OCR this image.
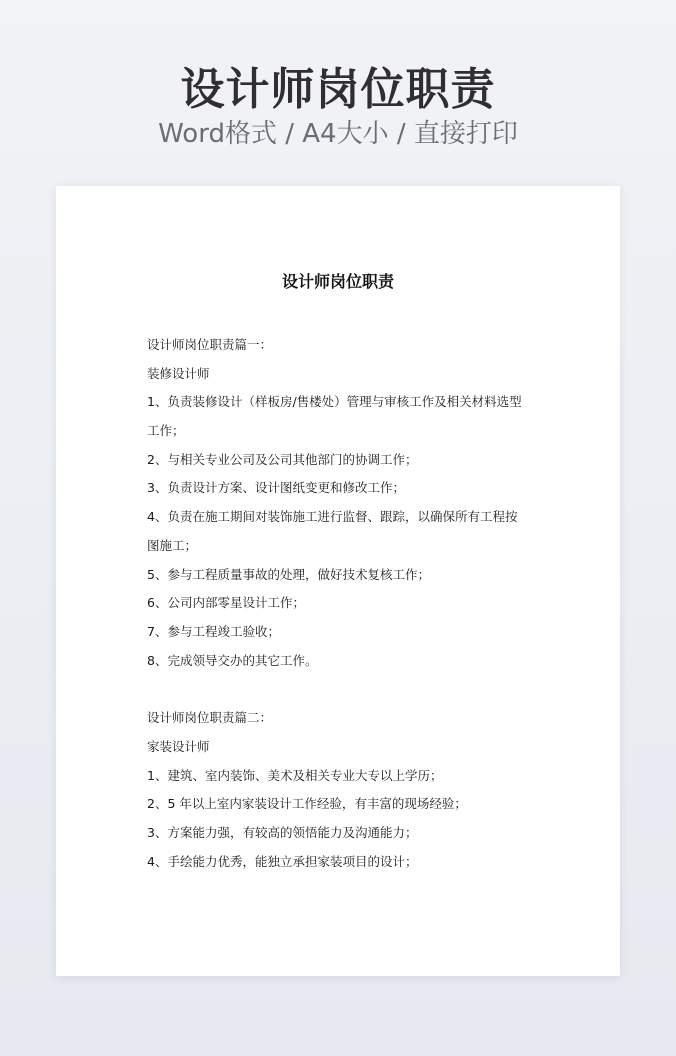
设计师岗位职责
Word格式 / A4大小 / 直接打印
设计师岗位职责
设计师岗位职责篇一：
装修设计师
1、负责装修设计（样板房/售楼处）管理与审核工作及相关材料选型
工作；
2、与相关专业公司及公司其他部门的协调工作；
3、负责设计方案、设计图纸变更和修改工作；
4、负责在施工期间对装饰施工进行监督、跟踪，以确保所有工程按
图施工；
5、参与工程质量事故的处理，做好技术复核工作；
6、公司内部零星设计工作；
7、参与工程竣工验收；
8、完成领导交办的其它工作。
设计师岗位职责篇二：
家装设计师
1、建筑、室内装饰、美术及相关专业大专以上学历；
2、5 年以上室内家装设计工作经验，有丰富的现场经验；
3、方案能力强，有较高的领悟能力及沟通能力；
4、手绘能力优秀，能独立承担家装项目的设计；
